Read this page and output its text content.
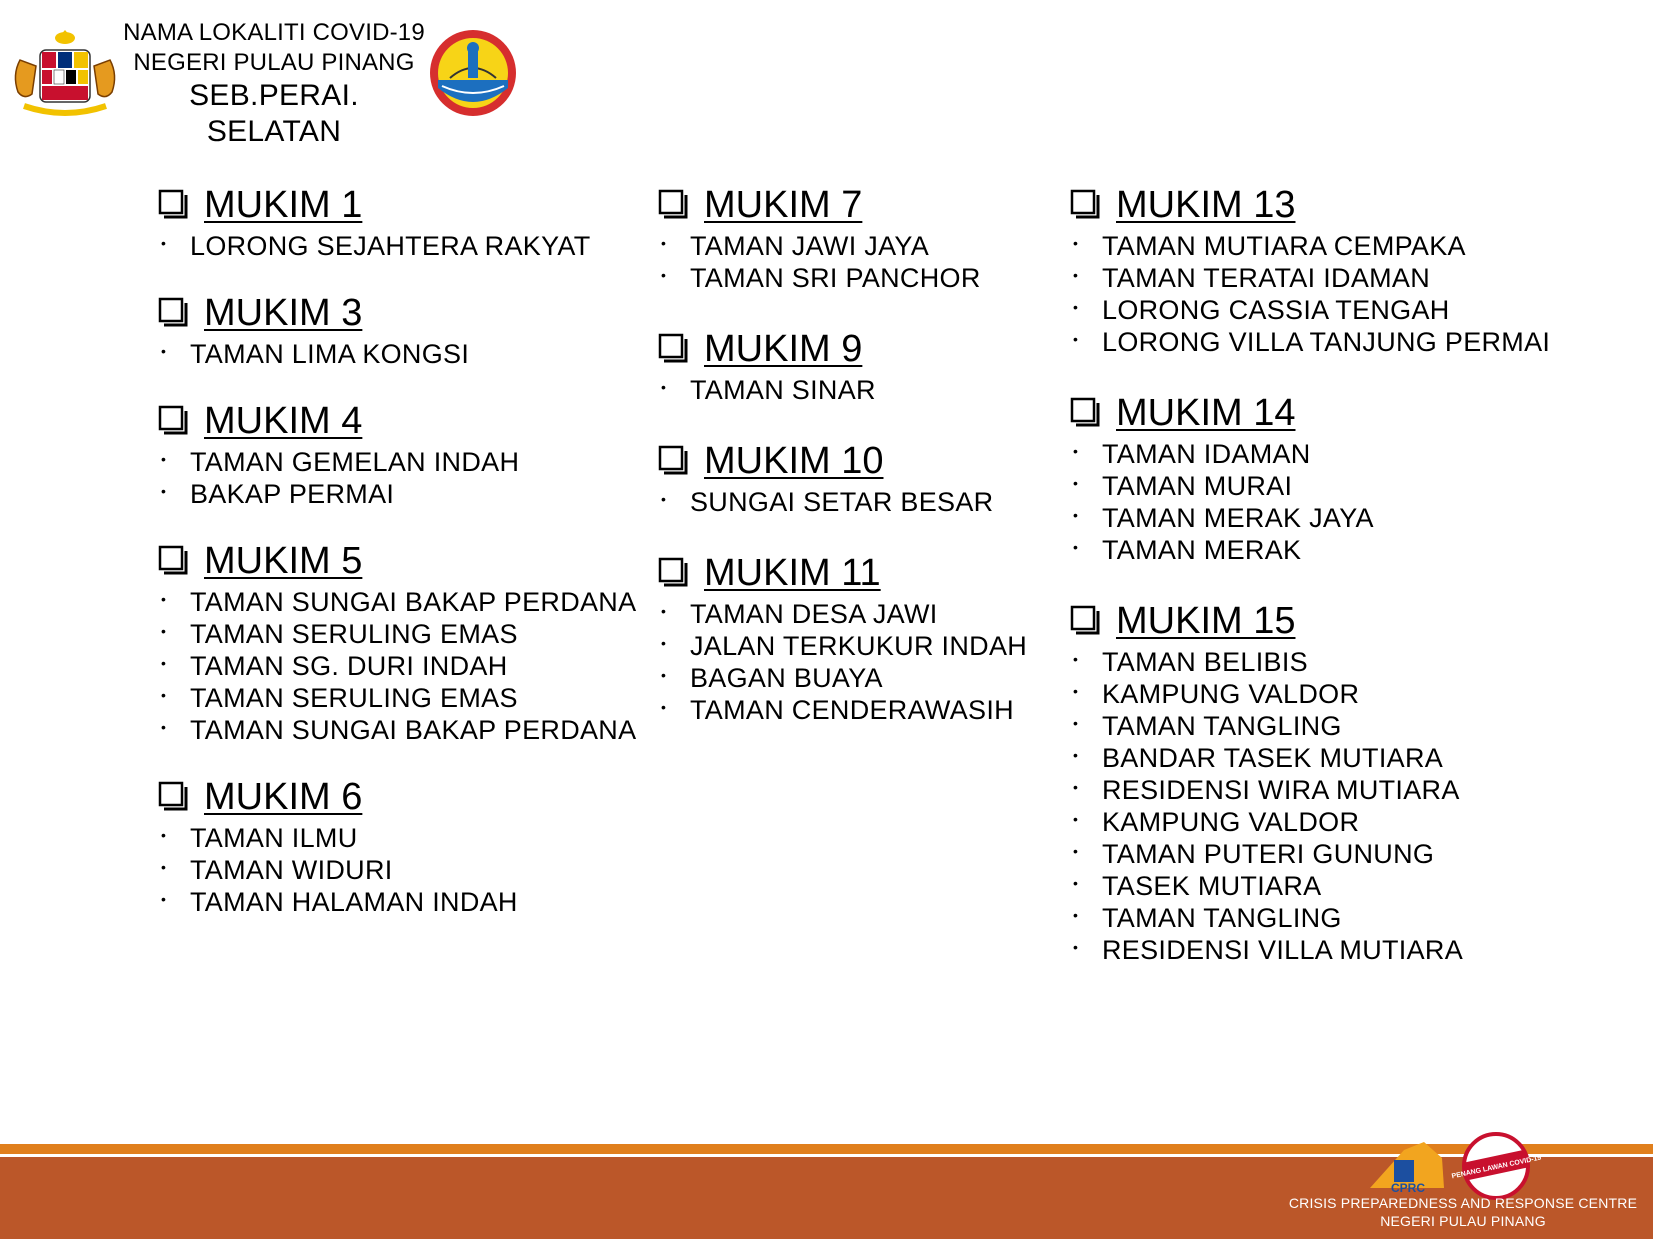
NAMA LOKALITI COVID-19
NEGERI PULAU PINANG
SEB.PERAI. SELATAN
MUKIM 1
• LORONG SEJAHTERA RAKYAT
MUKIM 3
• TAMAN LIMA KONGSI
MUKIM 4
• TAMAN GEMELAN INDAH
• BAKAP PERMAI
MUKIM 5
• TAMAN SUNGAI BAKAP PERDANA
• TAMAN SERULING EMAS
• TAMAN SG. DURI INDAH
• TAMAN SERULING EMAS
• TAMAN SUNGAI BAKAP PERDANA
MUKIM 6
• TAMAN ILMU
• TAMAN WIDURI
• TAMAN HALAMAN INDAH
MUKIM 7
• TAMAN JAWI JAYA
• TAMAN SRI PANCHOR
MUKIM 9
• TAMAN SINAR
MUKIM 10
• SUNGAI SETAR BESAR
MUKIM 11
• TAMAN DESA JAWI
• JALAN TERKUKUR INDAH
• BAGAN BUAYA
• TAMAN CENDERAWASIH
MUKIM 13
• TAMAN MUTIARA CEMPAKA
• TAMAN TERATAI IDAMAN
• LORONG CASSIA TENGAH
• LORONG VILLA TANJUNG PERMAI
MUKIM 14
• TAMAN IDAMAN
• TAMAN MURAI
• TAMAN MERAK JAYA
• TAMAN MERAK
MUKIM 15
• TAMAN BELIBIS
• KAMPUNG VALDOR
• TAMAN TANGLING
• BANDAR TASEK MUTIARA
• RESIDENSI WIRA MUTIARA
• KAMPUNG VALDOR
• TAMAN PUTERI GUNUNG
• TASEK MUTIARA
• TAMAN TANGLING
• RESIDENSI VILLA MUTIARA
CPRC
PENANG LAWAN COVID-19
CRISIS PREPAREDNESS AND RESPONSE CENTRE
NEGERI PULAU PINANG
